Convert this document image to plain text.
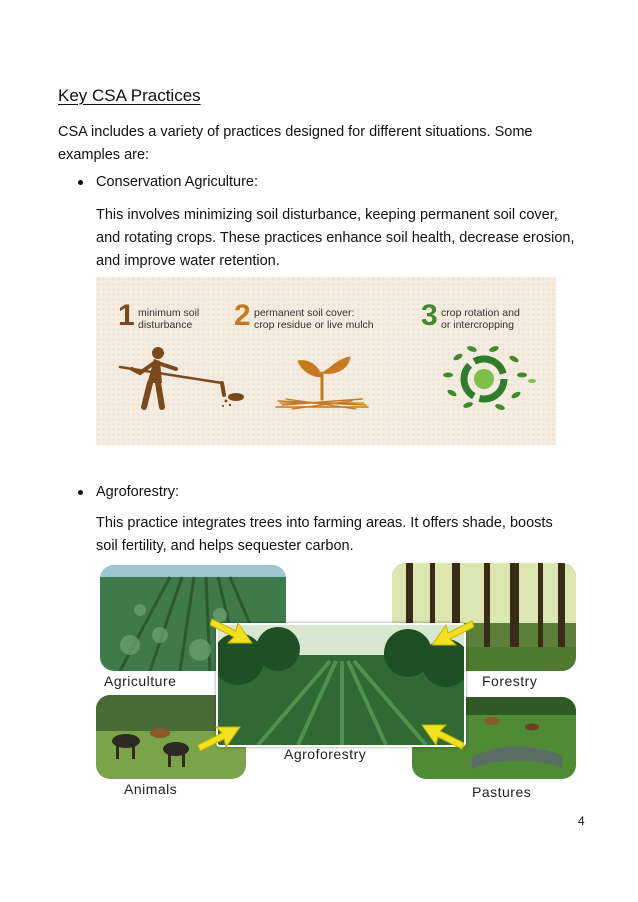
Key CSA Practices

CSA includes a variety of practices designed for different situations. Some examples are:

Conservation Agriculture:

This involves minimizing soil disturbance, keeping permanent soil cover, and rotating crops. These practices enhance soil health, decrease erosion, and improve water retention.

1 minimum soil
disturbance 2 permanent soil cover:
crop residue or live mulch 3 crop rotation and
or intercropping
Agroforestry:

This practice integrates trees into farming areas. It offers shade, boosts soil fertility, and helps sequester carbon.

Agriculture	Forestry
Animals	Pastures
Agroforestry
4
